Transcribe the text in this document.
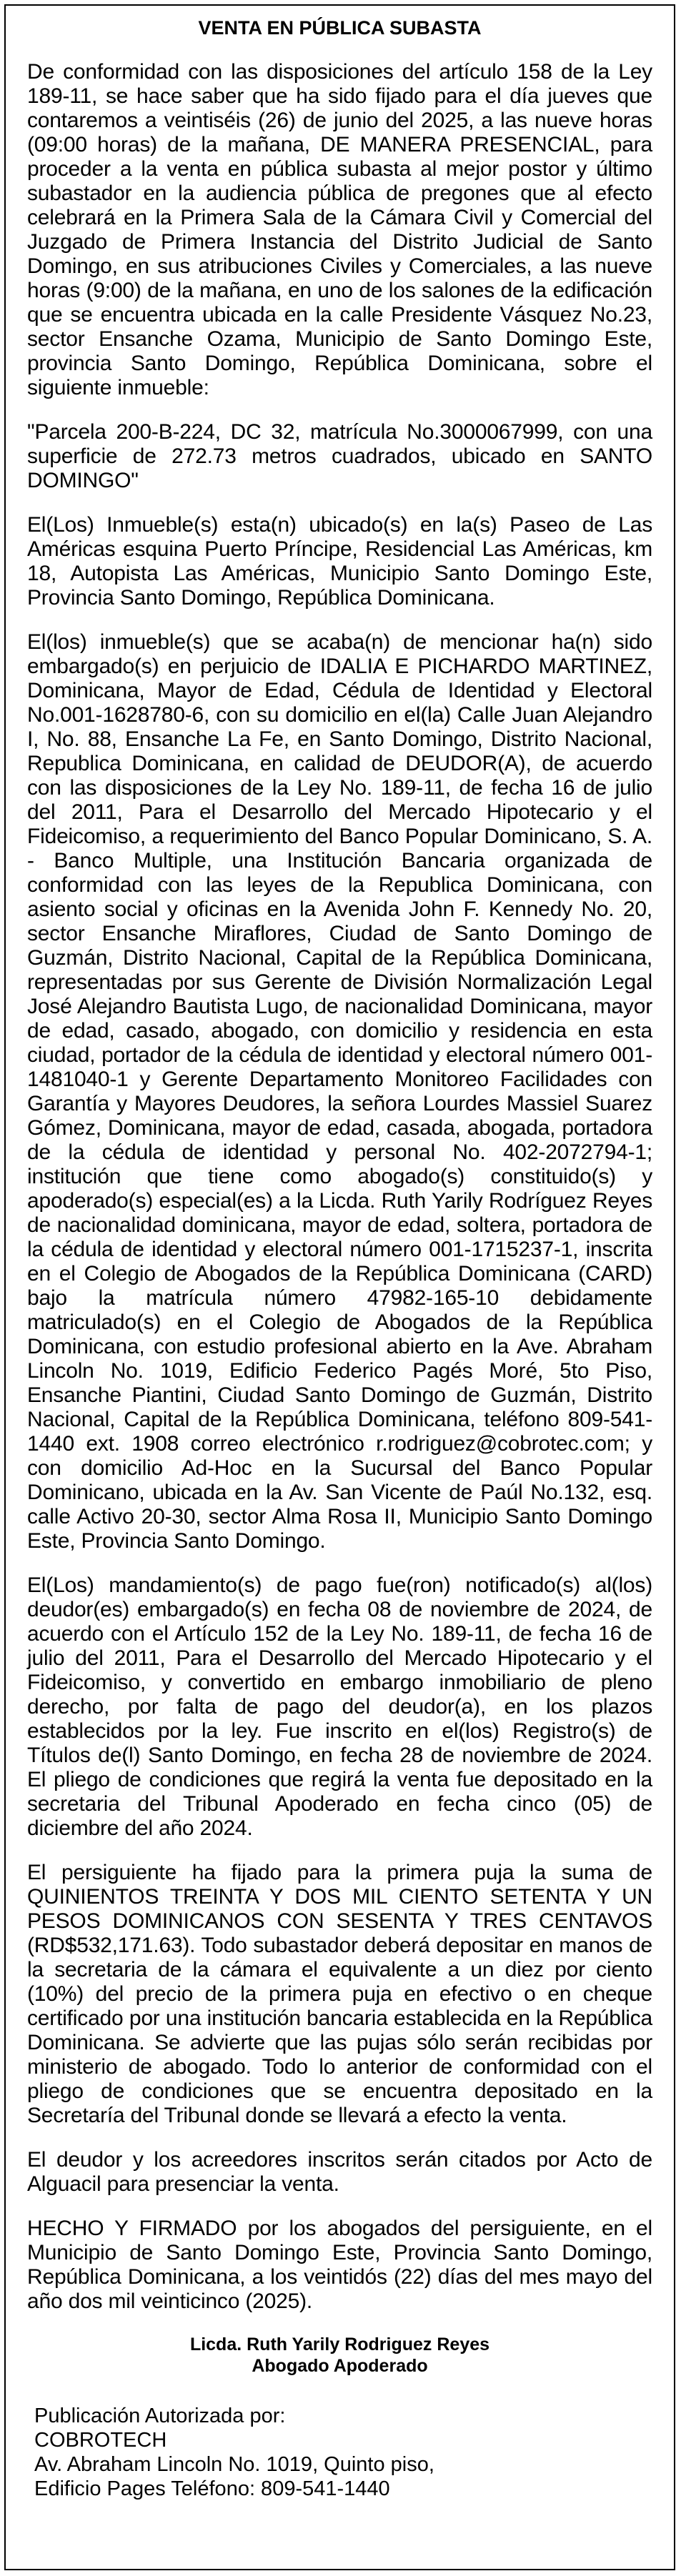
VENTA EN PÚBLICA SUBASTA

De conformidad con las disposiciones del artículo 158 de la Ley 189-11, se hace saber que ha sido fijado para el día jueves que contaremos a veintiséis (26) de junio del 2025, a las nueve horas (09:00 horas) de la mañana, DE MANERA PRESENCIAL, para proceder a la venta en pública subasta al mejor postor y último subastador en la audiencia pública de pregones que al efecto celebrará en la Primera Sala de la Cámara Civil y Comercial del Juzgado de Primera Instancia del Distrito Judicial de Santo Domingo, en sus atribuciones Civiles y Comerciales, a las nueve horas (9:00) de la mañana, en uno de los salones de la edificación que se encuentra ubicada en la calle Presidente Vásquez No.23, sector Ensanche Ozama, Municipio de Santo Domingo Este, provincia Santo Domingo, República Dominicana, sobre el siguiente inmueble:

"Parcela 200-B-224, DC 32, matrícula No.3000067999, con una superficie de 272.73 metros cuadrados, ubicado en SANTO DOMINGO"

El(Los) Inmueble(s) esta(n) ubicado(s) en la(s) Paseo de Las Américas esquina Puerto Príncipe, Residencial Las Américas, km 18, Autopista Las Américas, Municipio Santo Domingo Este, Provincia Santo Domingo, República Dominicana.

El(los) inmueble(s) que se acaba(n) de mencionar ha(n) sido embargado(s) en perjuicio de IDALIA E PICHARDO MARTINEZ, Dominicana, Mayor de Edad, Cédula de Identidad y Electoral No.001-1628780-6, con su domicilio en el(la) Calle Juan Alejandro I, No. 88, Ensanche La Fe, en Santo Domingo, Distrito Nacional, Republica Dominicana, en calidad de DEUDOR(A), de acuerdo con las disposiciones de la Ley No. 189-11, de fecha 16 de julio del 2011, Para el Desarrollo del Mercado Hipotecario y el Fideicomiso, a requerimiento del Banco Popular Dominicano, S. A. - Banco Multiple, una Institución Bancaria organizada de conformidad con las leyes de la Republica Dominicana, con asiento social y oficinas en la Avenida John F. Kennedy No. 20, sector Ensanche Miraflores, Ciudad de Santo Domingo de Guzmán, Distrito Nacional, Capital de la República Dominicana, representadas por sus Gerente de División Normalización Legal José Alejandro Bautista Lugo, de nacionalidad Dominicana, mayor de edad, casado, abogado, con domicilio y residencia en esta ciudad, portador de la cédula de identidad y electoral número 001-1481040-1 y Gerente Departamento Monitoreo Facilidades con Garantía y Mayores Deudores, la señora Lourdes Massiel Suarez Gómez, Dominicana, mayor de edad, casada, abogada, portadora de la cédula de identidad y personal No. 402-2072794-1; institución que tiene como abogado(s) constituido(s) y apoderado(s) especial(es) a la Licda. Ruth Yarily Rodríguez Reyes de nacionalidad dominicana, mayor de edad, soltera, portadora de la cédula de identidad y electoral número 001-1715237-1, inscrita en el Colegio de Abogados de la República Dominicana (CARD) bajo la matrícula número 47982-165-10 debidamente matriculado(s) en el Colegio de Abogados de la República Dominicana, con estudio profesional abierto en la Ave. Abraham Lincoln No. 1019, Edificio Federico Pagés Moré, 5to Piso, Ensanche Piantini, Ciudad Santo Domingo de Guzmán, Distrito Nacional, Capital de la República Dominicana, teléfono 809-541-1440 ext. 1908 correo electrónico r.rodriguez@cobrotec.com; y con domicilio Ad-Hoc en la Sucursal del Banco Popular Dominicano, ubicada en la Av. San Vicente de Paúl No.132, esq. calle Activo 20-30, sector Alma Rosa II, Municipio Santo Domingo Este, Provincia Santo Domingo.

El(Los) mandamiento(s) de pago fue(ron) notificado(s) al(los) deudor(es) embargado(s) en fecha 08 de noviembre de 2024, de acuerdo con el Artículo 152 de la Ley No. 189-11, de fecha 16 de julio del 2011, Para el Desarrollo del Mercado Hipotecario y el Fideicomiso, y convertido en embargo inmobiliario de pleno derecho, por falta de pago del deudor(a), en los plazos establecidos por la ley. Fue inscrito en el(los) Registro(s) de Títulos de(l) Santo Domingo, en fecha 28 de noviembre de 2024. El pliego de condiciones que regirá la venta fue depositado en la secretaria del Tribunal Apoderado en fecha cinco (05) de diciembre del año 2024.

El persiguiente ha fijado para la primera puja la suma de QUINIENTOS TREINTA Y DOS MIL CIENTO SETENTA Y UN PESOS DOMINICANOS CON SESENTA Y TRES CENTAVOS (RD$532,171.63). Todo subastador deberá depositar en manos de la secretaria de la cámara el equivalente a un diez por ciento (10%) del precio de la primera puja en efectivo o en cheque certificado por una institución bancaria establecida en la República Dominicana. Se advierte que las pujas sólo serán recibidas por ministerio de abogado. Todo lo anterior de conformidad con el pliego de condiciones que se encuentra depositado en la Secretaría del Tribunal donde se llevará a efecto la venta.

El deudor y los acreedores inscritos serán citados por Acto de Alguacil para presenciar la venta.

HECHO Y FIRMADO por los abogados del persiguiente, en el Municipio de Santo Domingo Este, Provincia Santo Domingo, República Dominicana, a los veintidós (22) días del mes mayo del año dos mil veinticinco (2025).

Licda. Ruth Yarily Rodriguez Reyes
Abogado Apoderado
Publicación Autorizada por:
COBROTECH
Av. Abraham Lincoln No. 1019, Quinto piso,
Edificio Pages Teléfono: 809-541-1440
